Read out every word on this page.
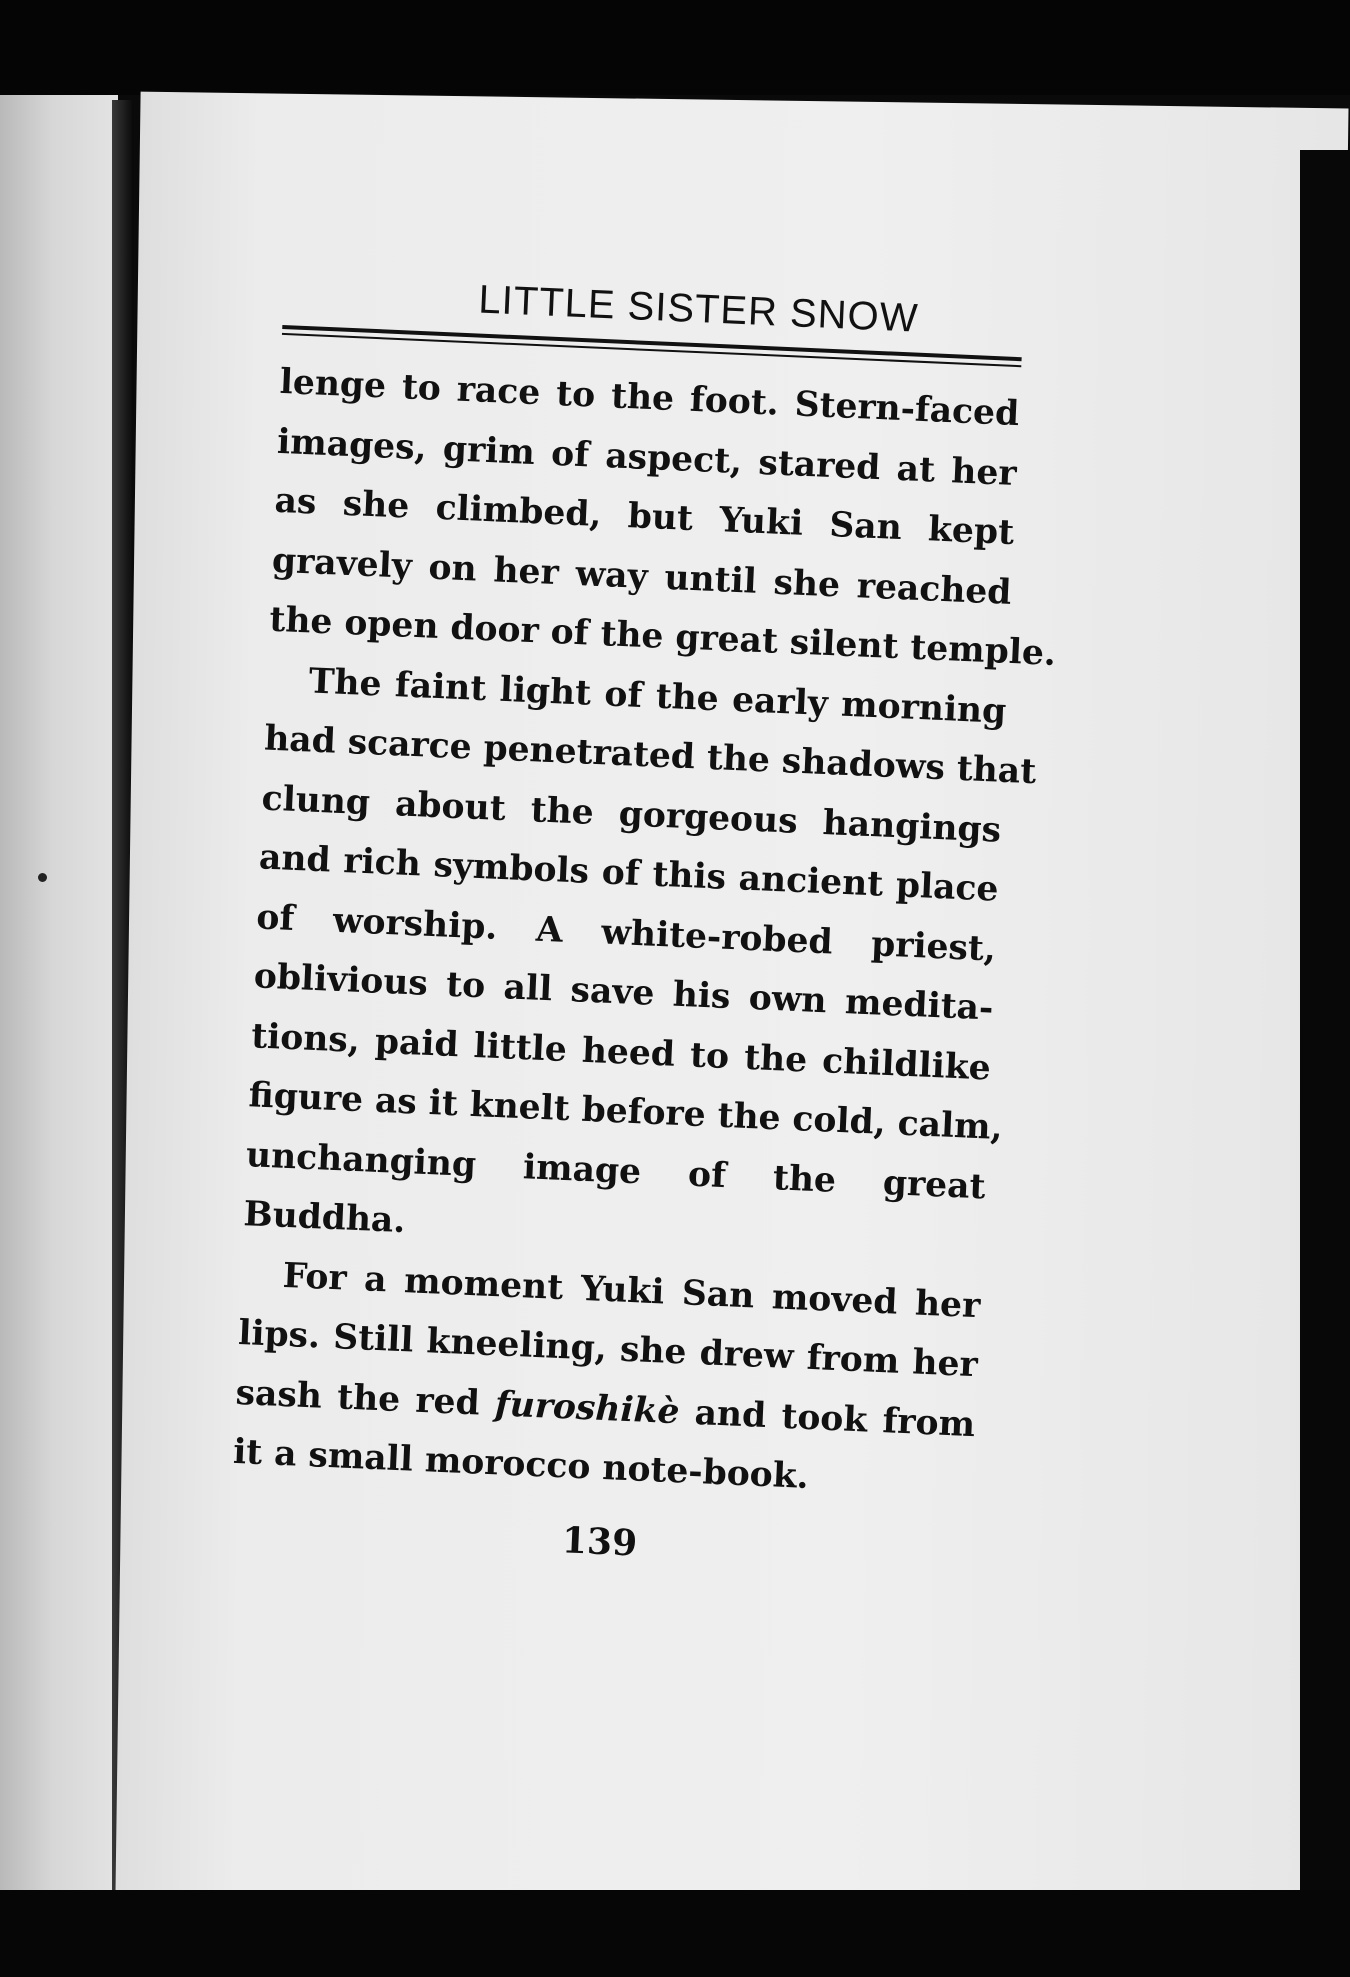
LITTLE SISTER SNOW

lenge to race to the foot. Stern-faced
images, grim of aspect, stared at her
as she climbed, but Yuki San kept
gravely on her way until she reached
the open door of the great silent temple.

The faint light of the early morning
had scarce penetrated the shadows that
clung about the gorgeous hangings
and rich symbols of this ancient place
of worship. A white-robed priest,
oblivious to all save his own medita-
tions, paid little heed to the childlike
figure as it knelt before the cold, calm,
unchanging image of the great
Buddha.

For a moment Yuki San moved her
lips. Still kneeling, she drew from her
sash the red furoshikè and took from
it a small morocco note-book.

139
